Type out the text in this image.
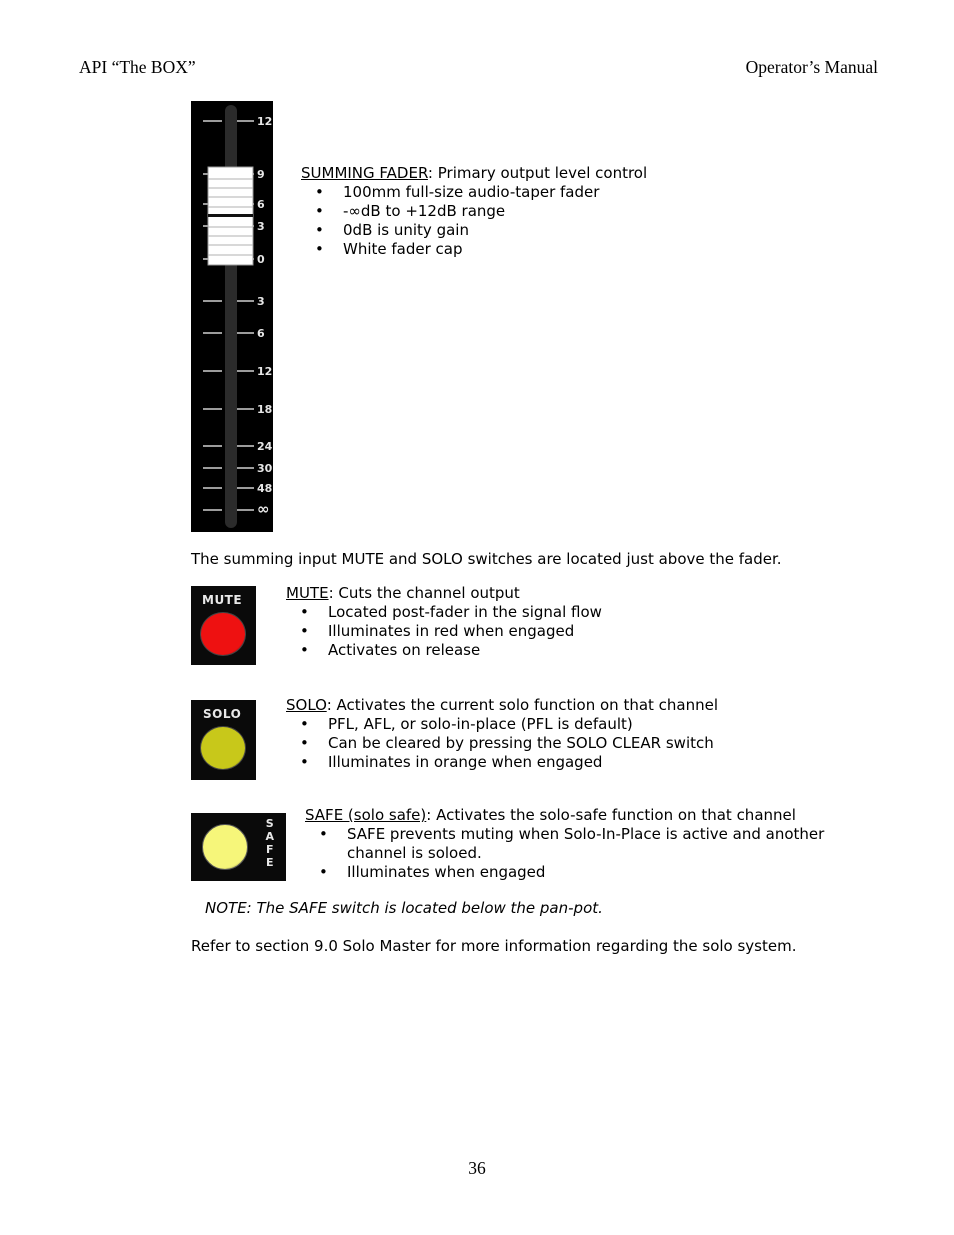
API “The BOX”	Operator’s Manual
12
9
6
3
0
3
6
12
18
24
30
48
∞
SUMMING FADER: Primary output level control
• 100mm full-size audio-taper fader
• -∞dB to +12dB range
• 0dB is unity gain
• White fader cap
The summing input MUTE and SOLO switches are located just above the fader.
MUTE	MUTE: Cuts the channel output
• Located post-fader in the signal flow
• Illuminates in red when engaged
• Activates on release
SOLO	SOLO: Activates the current solo function on that channel
• PFL, AFL, or solo-in-place (PFL is default)
• Can be cleared by pressing the SOLO CLEAR switch
• Illuminates in orange when engaged
S
A
F
E
SAFE (solo safe): Activates the solo-safe function on that channel
• SAFE prevents muting when Solo-In-Place is active and another
channel is soloed.
• Illuminates when engaged
NOTE: The SAFE switch is located below the pan-pot.
Refer to section 9.0 Solo Master for more information regarding the solo system.
36
